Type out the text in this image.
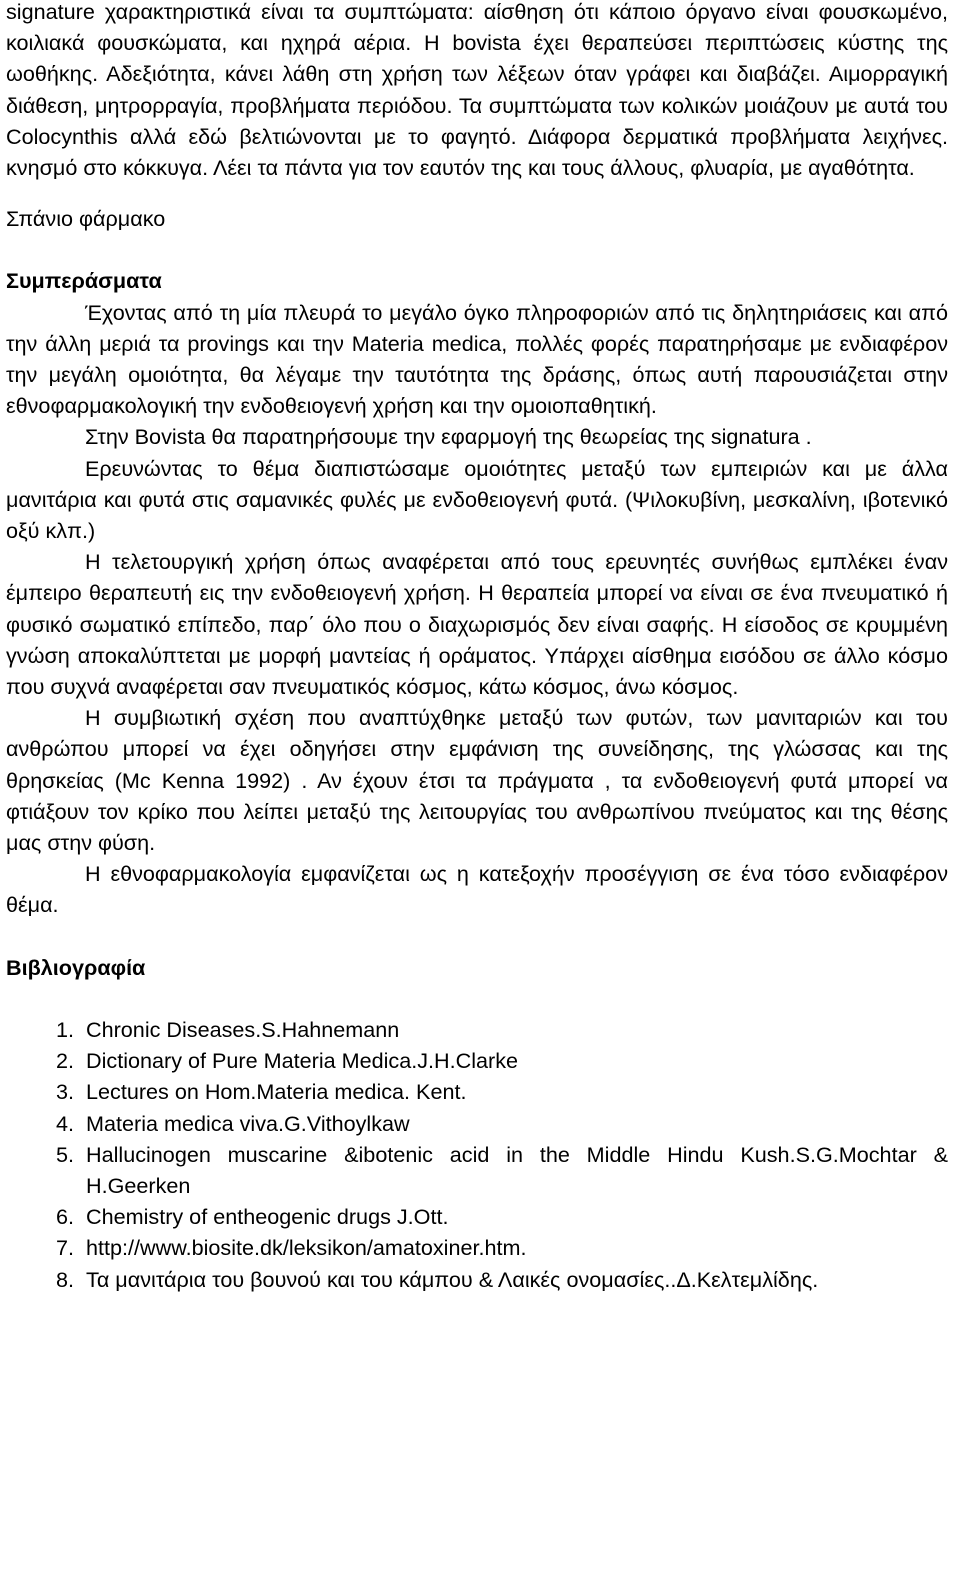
signature χαρακτηριστικά είναι τα συμπτώματα: αίσθηση ότι κάποιο όργανο είναι φουσκωμένο, κοιλιακά φουσκώματα, και ηχηρά αέρια. Η bovista έχει θεραπεύσει περιπτώσεις κύστης της ωοθήκης. Αδεξιότητα, κάνει λάθη στη χρήση των λέξεων όταν γράφει και διαβάζει. Αιμορραγική διάθεση, μητρορραγία, προβλήματα περιόδου. Τα συμπτώματα των κολικών μοιάζουν με αυτά του Colocynthis αλλά εδώ βελτιώνονται με το φαγητό. Διάφορα δερματικά προβλήματα λειχήνες. κνησμό στο κόκκυγα. Λέει τα πάντα για τον εαυτόν της και τους άλλους, φλυαρία, με αγαθότητα.

Σπάνιο φάρμακο

Συμπεράσματα

Έχοντας από τη μία πλευρά το μεγάλο όγκο πληροφοριών από τις δηλητηριάσεις και από την άλλη μεριά τα provings και την Materia medica, πολλές φορές παρατηρήσαμε με ενδιαφέρον την μεγάλη ομοιότητα, θα λέγαμε την ταυτότητα της δράσης, όπως αυτή παρουσιάζεται στην εθνοφαρμακολογική την ενδοθειογενή χρήση και την ομοιοπαθητική.

Στην Bovista θα παρατηρήσουμε την εφαρμογή της θεωρείας της signatura .

Ερευνώντας το θέμα διαπιστώσαμε ομοιότητες μεταξύ των εμπειριών και με άλλα μανιτάρια και φυτά στις σαμανικές φυλές με ενδοθειογενή φυτά. (Ψιλοκυβίνη, μεσκαλίνη, ιβοτενικό οξύ κλπ.)

Η τελετουργική χρήση όπως αναφέρεται από τους ερευνητές συνήθως εμπλέκει έναν έμπειρο θεραπευτή εις την ενδοθειογενή χρήση. Η θεραπεία μπορεί να είναι σε ένα πνευματικό ή φυσικό σωματικό επίπεδο, παρ΄ όλο που ο διαχωρισμός δεν είναι σαφής. Η είσοδος σε κρυμμένη γνώση αποκαλύπτεται με μορφή μαντείας ή οράματος. Υπάρχει αίσθημα εισόδου σε άλλο κόσμο που συχνά αναφέρεται σαν πνευματικός κόσμος, κάτω κόσμος, άνω κόσμος.

Η συμβιωτική σχέση που αναπτύχθηκε μεταξύ των φυτών, των μανιταριών και του ανθρώπου μπορεί να έχει οδηγήσει στην εμφάνιση της συνείδησης, της γλώσσας και της θρησκείας (Mc Kenna 1992) . Αν έχουν έτσι τα πράγματα , τα ενδοθειογενή φυτά μπορεί να φτιάξουν τον κρίκο που λείπει μεταξύ της λειτουργίας του ανθρωπίνου πνεύματος και της θέσης μας στην φύση.

Η εθνοφαρμακολογία εμφανίζεται ως η κατεξοχήν προσέγγιση σε ένα τόσο ενδιαφέρον θέμα.

Βιβλιογραφία
1. Chronic Diseases.S.Hahnemann
2. Dictionary of Pure Materia Medica.J.H.Clarke
3. Lectures on Hom.Materia medica. Kent.
4. Materia medica viva.G.Vithoylkaw
5. Hallucinogen muscarine &ibotenic acid in the Middle Hindu Kush.S.G.Mochtar & H.Geerken
6. Chemistry of entheogenic drugs J.Ott.
7. http://www.biosite.dk/leksikon/amatoxiner.htm.
8. Τα μανιτάρια του βουνού και του κάμπου & Λαικές ονομασίες..Δ.Κελτεμλίδης.
